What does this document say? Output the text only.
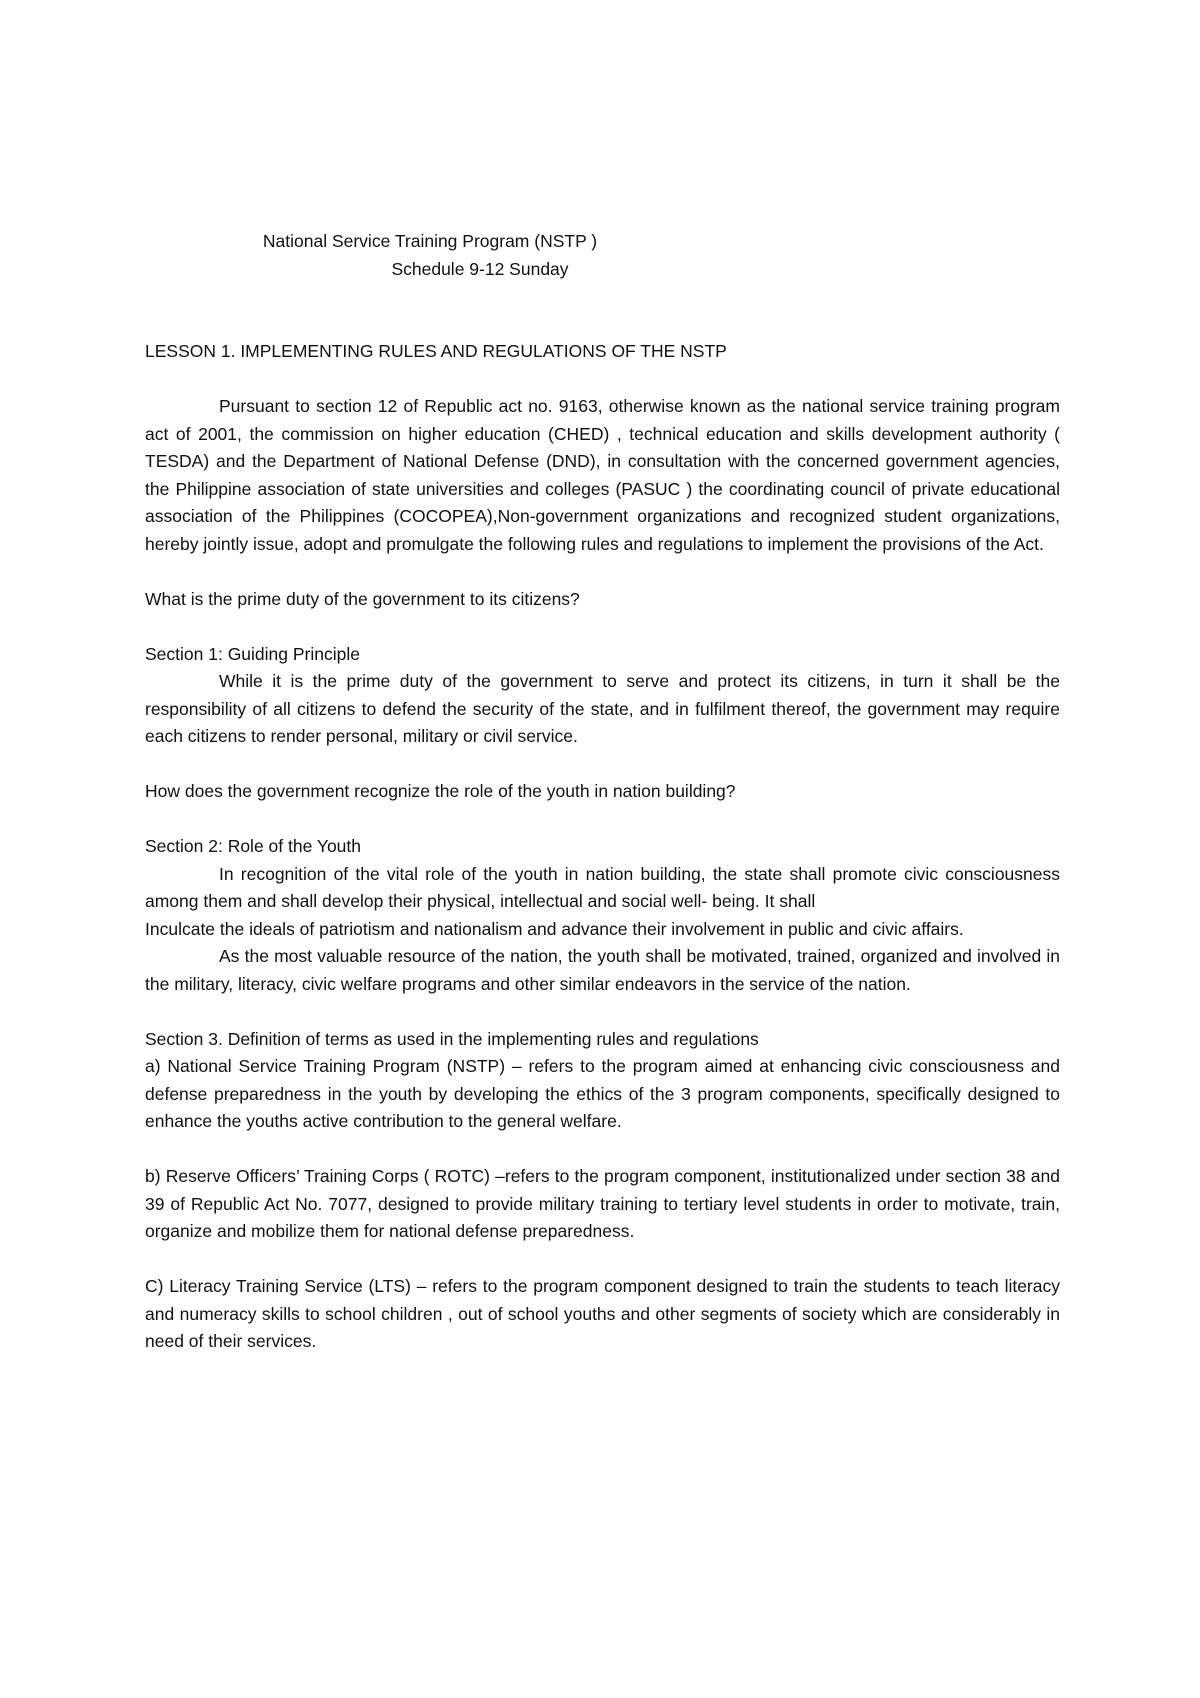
National Service Training Program (NSTP )
Schedule 9-12 Sunday

LESSON 1. IMPLEMENTING RULES AND REGULATIONS OF THE NSTP

Pursuant to section 12 of Republic act no. 9163, otherwise known as the national service training program act of 2001, the commission on higher education (CHED) , technical education and skills development authority ( TESDA) and the Department of National Defense (DND), in consultation with the concerned government agencies, the Philippine association of state universities and colleges (PASUC ) the coordinating council of private educational association of the Philippines (COCOPEA),Non-government organizations and recognized student organizations, hereby jointly issue, adopt and promulgate the following rules and regulations to implement the provisions of the Act.

What is the prime duty of the government to its citizens?

Section 1: Guiding Principle

While it is the prime duty of the government to serve and protect its citizens, in turn it shall be the responsibility of all citizens to defend the security of the state, and in fulfilment thereof, the government may require each citizens to render personal, military or civil service.

How does the government recognize the role of the youth in nation building?

Section 2: Role of the Youth

In recognition of the vital role of the youth in nation building, the state shall promote civic consciousness among them and shall develop their physical, intellectual and social well- being. It shall

Inculcate the ideals of patriotism and nationalism and advance their involvement in public and civic affairs.

As the most valuable resource of the nation, the youth shall be motivated, trained, organized and involved in the military, literacy, civic welfare programs and other similar endeavors in the service of the nation.

Section 3. Definition of terms as used in the implementing rules and regulations

a) National Service Training Program (NSTP) – refers to the program aimed at enhancing civic consciousness and defense preparedness in the youth by developing the ethics of the 3 program components, specifically designed to enhance the youths active contribution to the general welfare.

b) Reserve Officers’ Training Corps ( ROTC) –refers to the program component, institutionalized under section 38 and 39 of Republic Act No. 7077, designed to provide military training to tertiary level students in order to motivate, train, organize and mobilize them for national defense preparedness.

C) Literacy Training Service (LTS) – refers to the program component designed to train the students to teach literacy and numeracy skills to school children , out of school youths and other segments of society which are considerably in need of their services.
